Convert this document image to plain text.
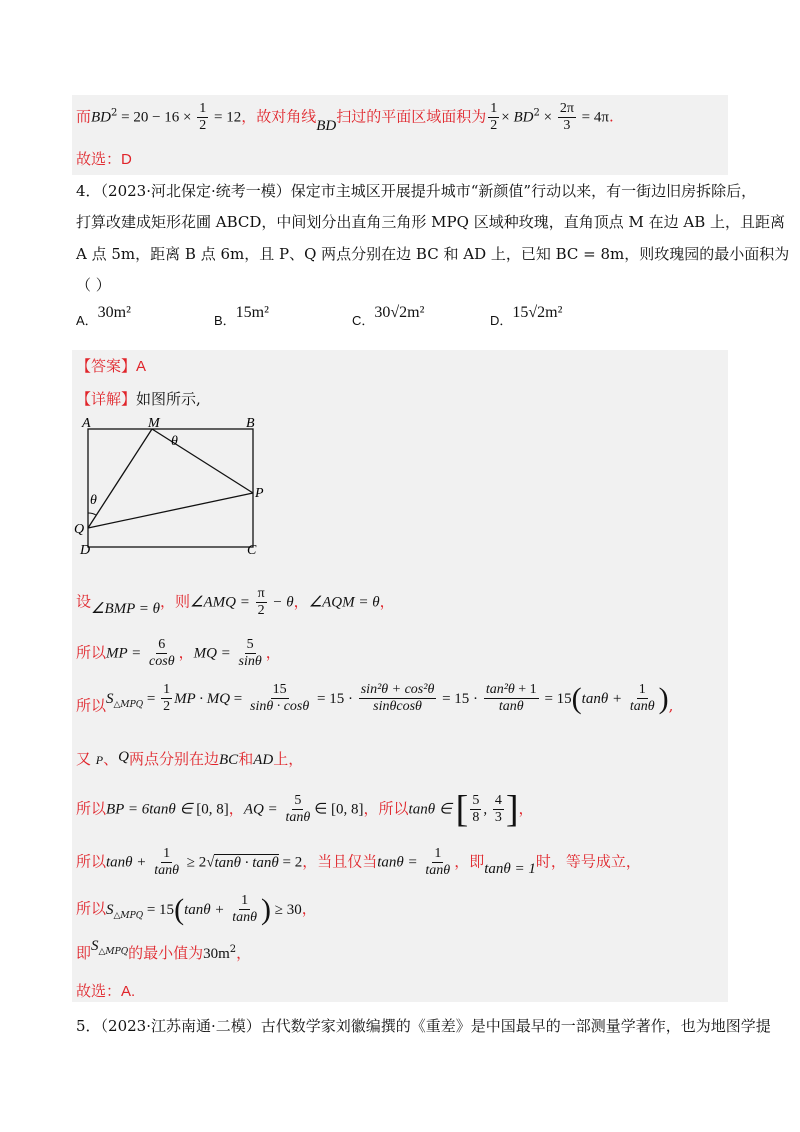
而$BD^2 = 20 - 16 \times \frac{1}{2} = 12$，故对角线BD扫过的平面区域面积为 $\frac{1}{2} \times BD^2 \times \frac{2\pi}{3} = 4\pi$.
故选：D
4．（2023·河北保定·统考一模）保定市主城区开展提升城市“新颜值”行动以来，有一街边旧房拆除后，
打算改建成矩形花圃 ABCD，中间划分出直角三角形 MPQ 区域种玫瑰，直角顶点 M 在边 AB 上，且距离
A 点 5m，距离 B 点 6m，且 P、Q 两点分别在边 BC 和 AD 上，已知 BC = 8m，则玫瑰园的最小面积为
（ ）
A．30m²	B．15m²	C．30√2m²	D．15√2m²
【答案】A
【详解】如图所示,
A	M	B
θ
P
θ
Q
D	C
设∠BMP = θ，则∠AMQ = $\frac{\pi}{2} - \theta$，∠AQM = θ，
所以MP = $\frac{6}{\cos\theta}$ ，MQ = $\frac{5}{\sin\theta}$ ，
所以$S_{\triangle MPQ} = \frac{1}{2}$ MP · MQ = $\frac{15}{\sin\theta \cdot \cos\theta} = 15 \cdot \frac{\text{sin²θ + cos²θ}}{\sin\theta\cos\theta} = 15 \cdot \frac{\text{tan²θ + 1}}{\tan\theta} = 15(\tan\theta + \frac{1}{\tan\theta}$ ),
又 P、Q两点分别在边BC和AD上，
所以BP = 6tanθ ∈ [0, 8]，AQ = $\frac{5}{\tan\theta}$ ∈ [0, 8]，所以tanθ ∈ [ $\frac{5}{8}$ , $\frac{4}{3}$ ]，
所以$\tan\theta + \frac{1}{\tan\theta} \ge 2√\tan\theta \cdot \tan\theta = 2$，当且仅当$\tan\theta = \frac{1}{\tan\theta}$ ，即tanθ = 1时，等号成立，
所以$S_{\triangle MPQ} = 15(\tan\theta + \frac{1}{\tan\theta}$ ) ≥ 30，
即$S_{\triangle MPQ}$的最小值为$30m^2$，
故选：A.
5．（2023·江苏南通·二模）古代数学家刘徽编撰的《重差》是中国最早的一部测量学著作，也为地图学提
